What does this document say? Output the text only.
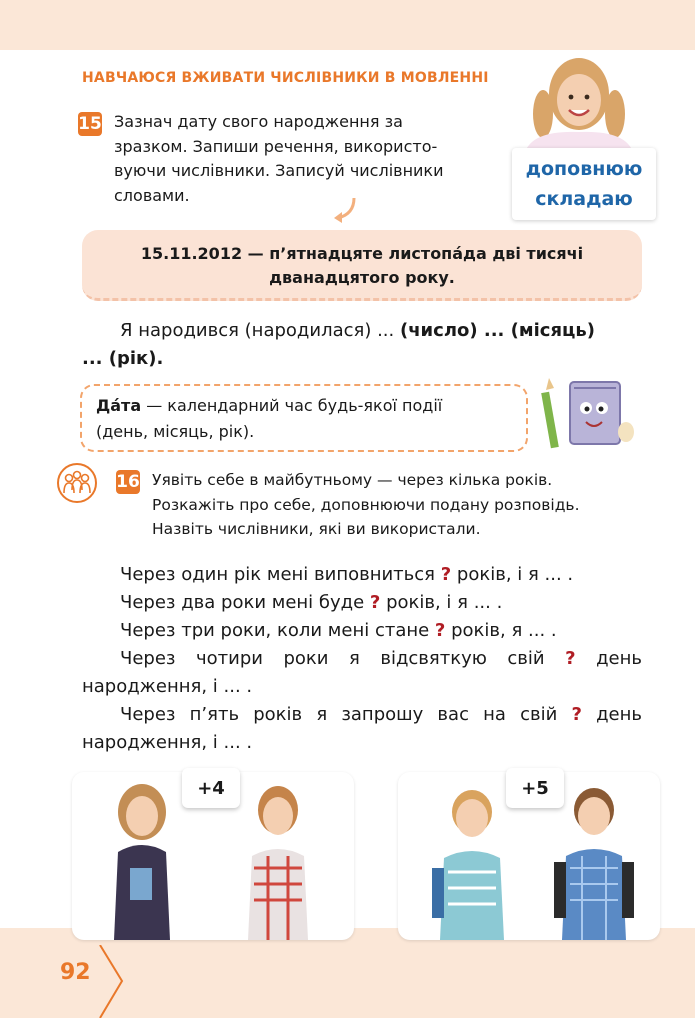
НАВЧАЮСЯ ВЖИВАТИ ЧИСЛІВНИКИ В МОВЛЕННІ
доповнюю
складаю
15 Зазнач дату свого народження за
зразком. Запиши речення, використо-
вуючи числівники. Записуй числівники
словами.
15.11.2012 — п’ятнадцяте листопа́да дві тисячі
дванадцятого року.
Я народився (народилася) ... (число) ... (місяць)
... (рік).
Да́та — календарний час будь-якої події
(день, місяць, рік).
16 Уявіть себе в майбутньому — через кілька років.
Розкажіть про себе, доповнюючи подану розповідь.
Назвіть числівники, які ви використали.
Через один рік мені виповниться ? років, і я ... .
Через два роки мені буде ? років, і я ... .
Через три роки, коли мені стане ? років, я ... .
Через чотири роки я відсвяткую свій ? день
народження, і ... .
Через п’ять років я запрошу вас на свій ? день
народження, і ... .
+4	+5
92
